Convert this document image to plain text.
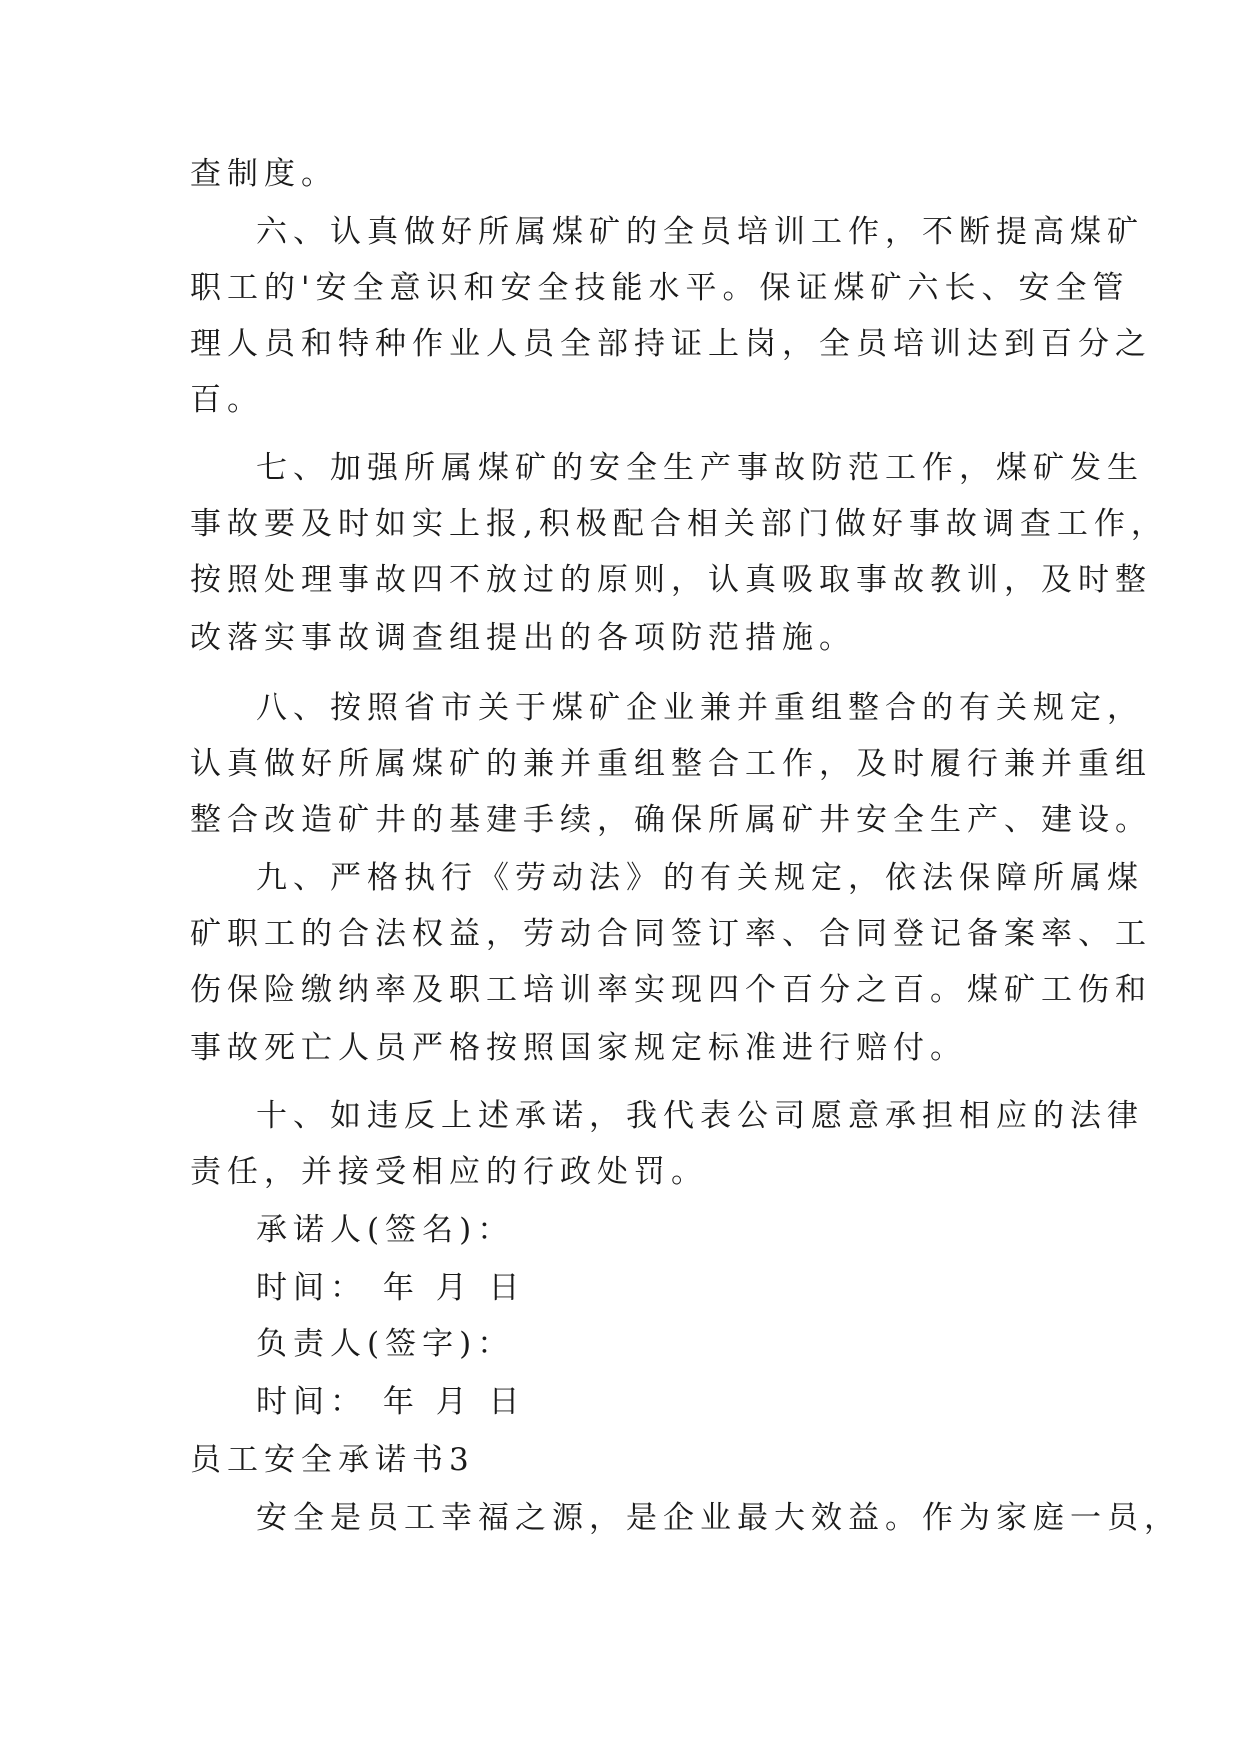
查制度。
六、认真做好所属煤矿的全员培训工作，不断提高煤矿
职工的'安全意识和安全技能水平。保证煤矿六长、安全管
理人员和特种作业人员全部持证上岗，全员培训达到百分之
百。
七、加强所属煤矿的安全生产事故防范工作，煤矿发生
事故要及时如实上报,积极配合相关部门做好事故调查工作，
按照处理事故四不放过的原则，认真吸取事故教训，及时整
改落实事故调查组提出的各项防范措施。
八、按照省市关于煤矿企业兼并重组整合的有关规定，
认真做好所属煤矿的兼并重组整合工作，及时履行兼并重组
整合改造矿井的基建手续，确保所属矿井安全生产、建设。
九、严格执行《劳动法》的有关规定，依法保障所属煤
矿职工的合法权益，劳动合同签订率、合同登记备案率、工
伤保险缴纳率及职工培训率实现四个百分之百。煤矿工伤和
事故死亡人员严格按照国家规定标准进行赔付。
十、如违反上述承诺，我代表公司愿意承担相应的法律
责任，并接受相应的行政处罚。
承诺人(签名)：
时间： 年 月 日
负责人(签字)：
时间： 年 月 日
员工安全承诺书3
安全是员工幸福之源，是企业最大效益。作为家庭一员，
